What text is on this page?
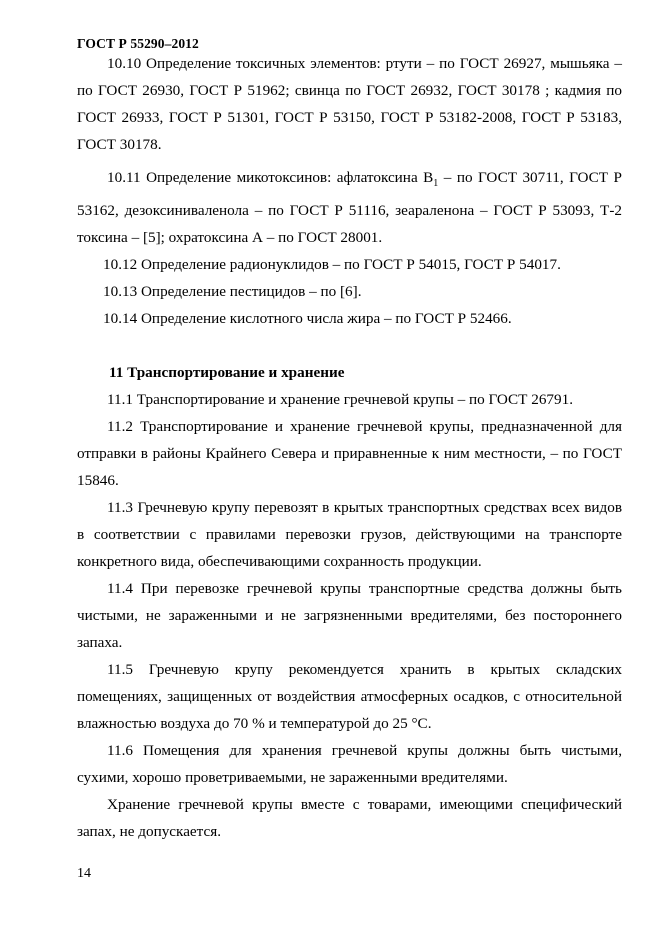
ГОСТ Р 55290–2012

10.10 Определение токсичных элементов: ртути – по ГОСТ 26927, мышьяка – по ГОСТ 26930, ГОСТ Р 51962; свинца по ГОСТ 26932, ГОСТ 30178 ; кадмия по ГОСТ 26933, ГОСТ Р 51301, ГОСТ Р 53150, ГОСТ Р 53182-2008, ГОСТ Р 53183, ГОСТ 30178.

10.11 Определение микотоксинов: афлатоксина $В_1$ – по ГОСТ 30711, ГОСТ Р 53162, дезоксиниваленола – по ГОСТ Р 51116, зеараленона – ГОСТ Р 53093, Т-2 токсина – [5]; охратоксина А – по ГОСТ 28001.

10.12 Определение радионуклидов – по ГОСТ Р 54015, ГОСТ Р 54017.

10.13 Определение пестицидов – по [6].

10.14 Определение кислотного числа жира – по ГОСТ Р 52466.

11 Транспортирование и хранение

11.1 Транспортирование и хранение гречневой крупы – по ГОСТ 26791.

11.2 Транспортирование и хранение гречневой крупы, предназначенной для отправки в районы Крайнего Севера и приравненные к ним местности, – по ГОСТ 15846.

11.3 Гречневую крупу перевозят в крытых транспортных средствах всех видов в соответствии с правилами перевозки грузов, действующими на транспорте конкретного вида, обеспечивающими сохранность продукции.

11.4 При перевозке гречневой крупы транспортные средства должны быть чистыми, не зараженными и не загрязненными вредителями, без постороннего запаха.

11.5 Гречневую крупу рекомендуется хранить в крытых складских помещениях, защищенных от воздействия атмосферных осадков, с относительной влажностью воздуха до 70 % и температурой до 25 °С.

11.6 Помещения для хранения гречневой крупы должны быть чистыми, сухими, хорошо проветриваемыми, не зараженными вредителями.

Хранение гречневой крупы вместе с товарами, имеющими специфический запах, не допускается.

14
